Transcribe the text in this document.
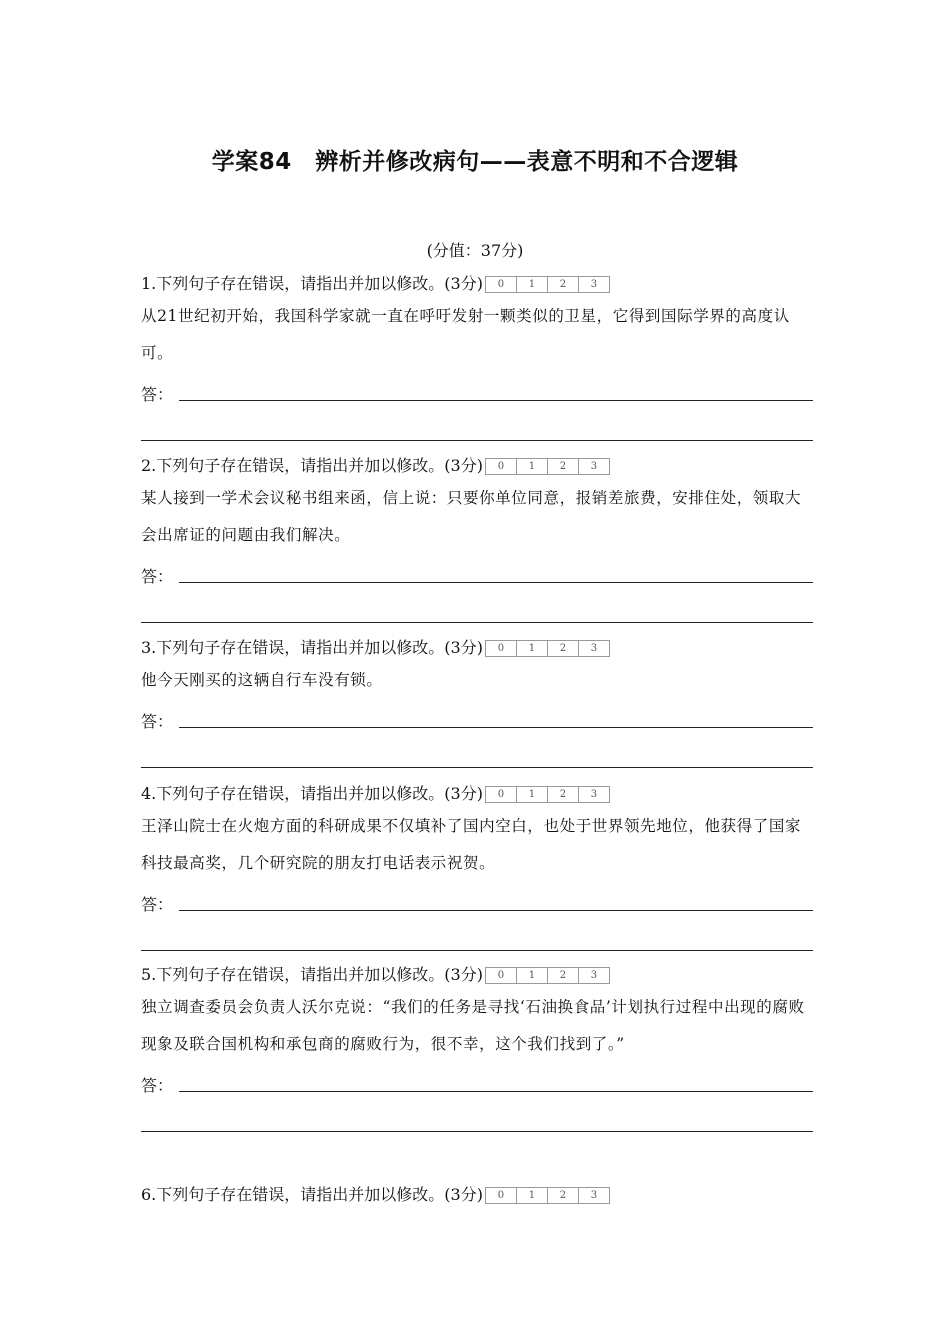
学案84　辨析并修改病句——表意不明和不合逻辑
(分值：37分)
1.下列句子存在错误，请指出并加以修改。(3分)	0	1	2	3
从21世纪初开始，我国科学家就一直在呼吁发射一颗类似的卫星，它得到国际学界的高度认可。
答：
2.下列句子存在错误，请指出并加以修改。(3分)	0	1	2	3
某人接到一学术会议秘书组来函，信上说：只要你单位同意，报销差旅费，安排住处，领取大会出席证的问题由我们解决。
答：
3.下列句子存在错误，请指出并加以修改。(3分)	0	1	2	3
他今天刚买的这辆自行车没有锁。
答：
4.下列句子存在错误，请指出并加以修改。(3分)	0	1	2	3
王泽山院士在火炮方面的科研成果不仅填补了国内空白，也处于世界领先地位，他获得了国家科技最高奖，几个研究院的朋友打电话表示祝贺。
答：
5.下列句子存在错误，请指出并加以修改。(3分)	0	1	2	3
独立调查委员会负责人沃尔克说：“我们的任务是寻找‘石油换食品’计划执行过程中出现的腐败现象及联合国机构和承包商的腐败行为，很不幸，这个我们找到了。”
答：
6.下列句子存在错误，请指出并加以修改。(3分)	0	1	2	3
